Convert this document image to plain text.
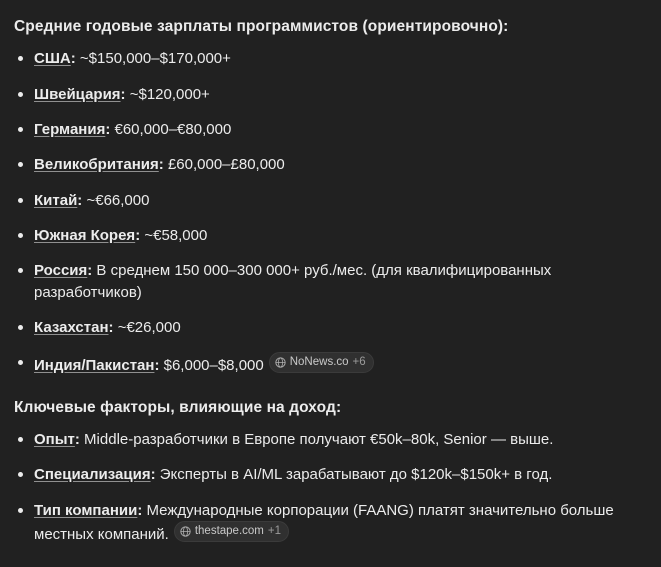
Средние годовые зарплаты программистов (ориентировочно):
США: ~$150,000–$170,000+
Швейцария: ~$120,000+
Германия: €60,000–€80,000
Великобритания: £60,000–£80,000
Китай: ~€66,000
Южная Корея: ~€58,000
Россия: В среднем 150 000–300 000+ руб./мес. (для квалифицированных разработчиков)
Казахстан: ~€26,000
Индия/Пакистан: $6,000–$8,000 NoNews.co +6
Ключевые факторы, влияющие на доход:
Опыт: Middle-разработчики в Европе получают €50k–80k, Senior — выше.
Специализация: Эксперты в AI/ML зарабатывают до $120k–$150k+ в год.
Тип компании: Международные корпорации (FAANG) платят значительно больше местных компаний. thestape.com +1
